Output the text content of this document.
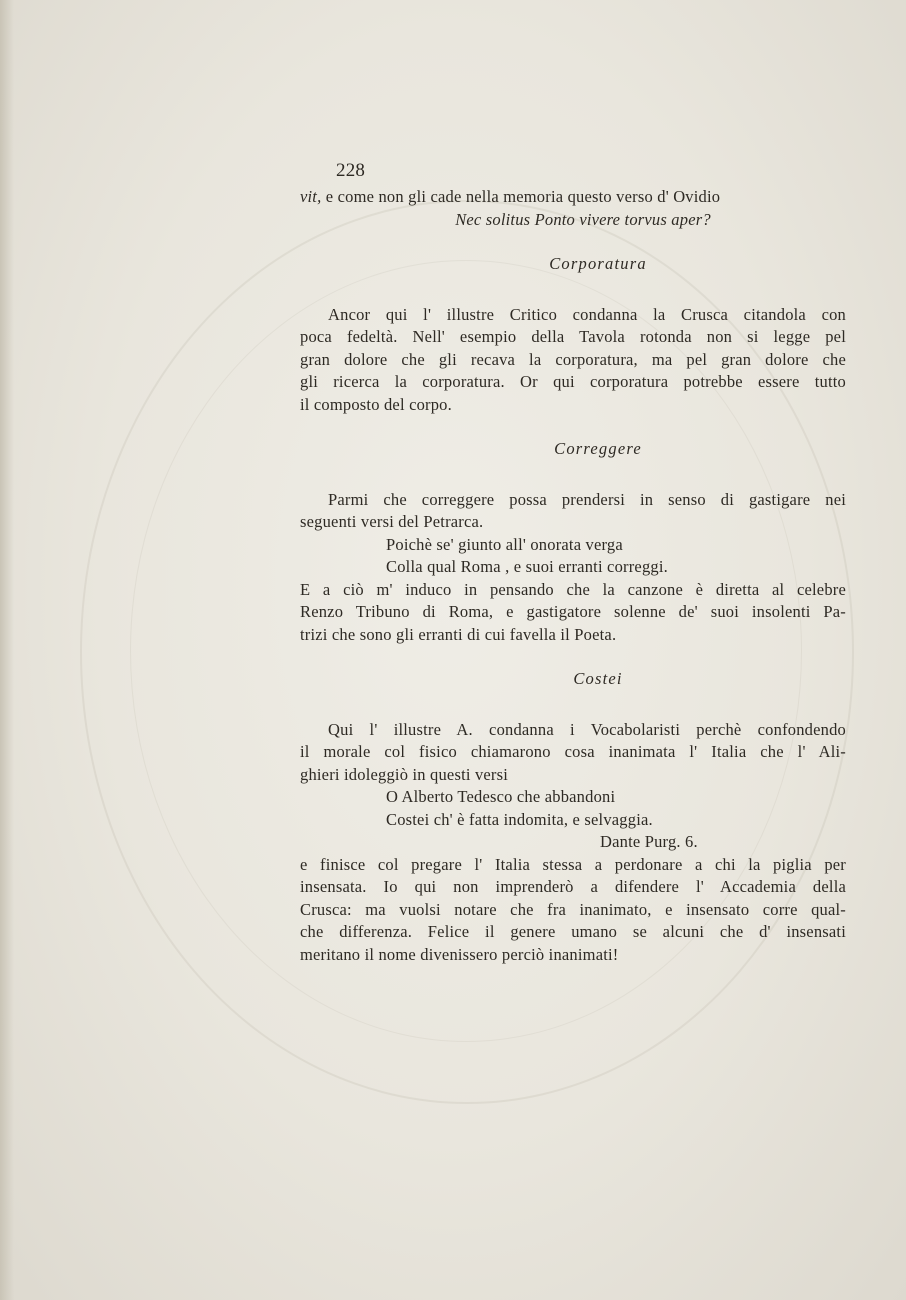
228
vit, e come non gli cade nella memoria questo verso d' Ovidio
Nec solitus Ponto vivere torvus aper?
Corporatura
Ancor qui l' illustre Critico condanna la Crusca citandola con
poca fedeltà. Nell' esempio della Tavola rotonda non si legge pel
gran dolore che gli recava la corporatura, ma pel gran dolore che
gli ricerca la corporatura. Or qui corporatura potrebbe essere tutto
il composto del corpo.
Correggere
Parmi che correggere possa prendersi in senso di gastigare nei
seguenti versi del Petrarca.
Poichè se' giunto all' onorata verga
Colla qual Roma , e suoi erranti correggi.
E a ciò m' induco in pensando che la canzone è diretta al celebre
Renzo Tribuno di Roma, e gastigatore solenne de' suoi insolenti Pa-
trizi che sono gli erranti di cui favella il Poeta.
Costei
Qui l' illustre A. condanna i Vocabolaristi perchè confondendo
il morale col fisico chiamarono cosa inanimata l' Italia che l' Ali-
ghieri idoleggiò in questi versi
O Alberto Tedesco che abbandoni
Costei ch' è fatta indomita, e selvaggia.
Dante Purg. 6.
e finisce col pregare l' Italia stessa a perdonare a chi la piglia per
insensata. Io qui non imprenderò a difendere l' Accademia della
Crusca: ma vuolsi notare che fra inanimato, e insensato corre qual-
che differenza. Felice il genere umano se alcuni che d' insensati
meritano il nome divenissero perciò inanimati!
